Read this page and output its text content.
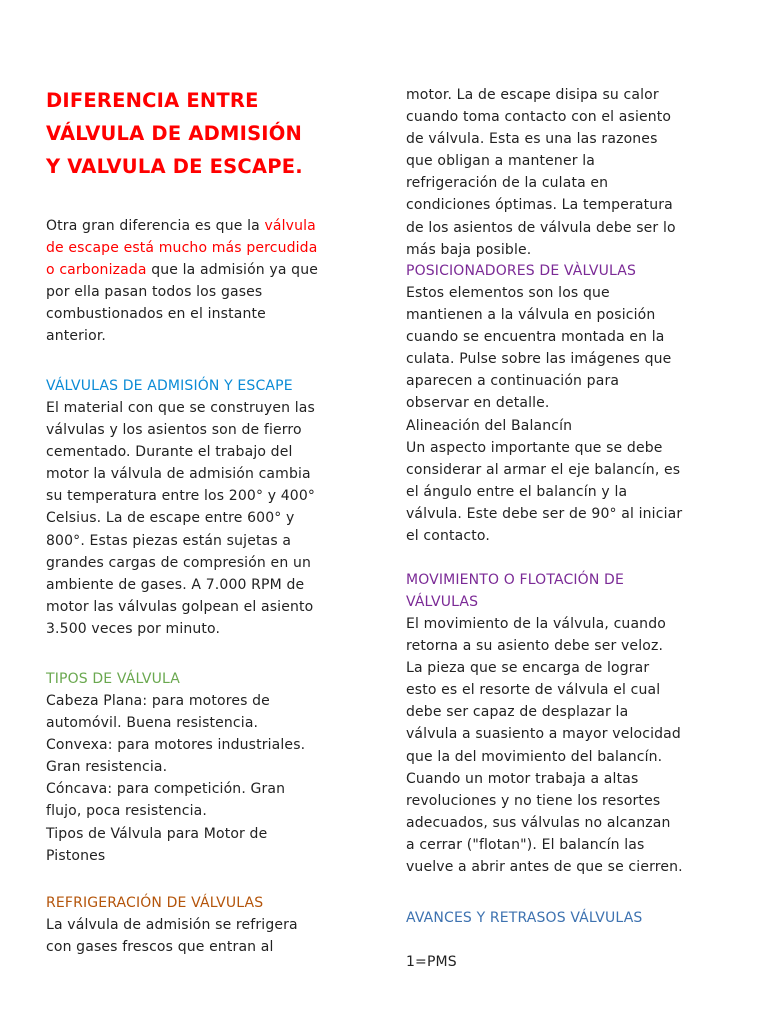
DIFERENCIA ENTRE
VÁLVULA DE ADMISIÓN
Y VALVULA DE ESCAPE.
Otra gran diferencia es que la válvula
de escape está mucho más percudida
o carbonizada que la admisión ya que
por ella pasan todos los gases
combustionados en el instante
anterior.
VÁLVULAS DE ADMISIÓN Y ESCAPE
El material con que se construyen las
válvulas y los asientos son de fierro
cementado. Durante el trabajo del
motor la válvula de admisión cambia
su temperatura entre los 200° y 400°
Celsius. La de escape entre 600° y
800°. Estas piezas están sujetas a
grandes cargas de compresión en un
ambiente de gases. A 7.000 RPM de
motor las válvulas golpean el asiento
3.500 veces por minuto.
TIPOS DE VÁLVULA
Cabeza Plana: para motores de
automóvil. Buena resistencia.
Convexa: para motores industriales.
Gran resistencia.
Cóncava: para competición. Gran
flujo, poca resistencia.
Tipos de Válvula para Motor de
Pistones
REFRIGERACIÓN DE VÁLVULAS
La válvula de admisión se refrigera
con gases frescos que entran al
motor. La de escape disipa su calor
cuando toma contacto con el asiento
de válvula. Esta es una las razones
que obligan a mantener la
refrigeración de la culata en
condiciones óptimas. La temperatura
de los asientos de válvula debe ser lo
más baja posible.
POSICIONADORES DE VÀLVULAS
Estos elementos son los que
mantienen a la válvula en posición
cuando se encuentra montada en la
culata. Pulse sobre las imágenes que
aparecen a continuación para
observar en detalle.
Alineación del Balancín
Un aspecto importante que se debe
considerar al armar el eje balancín, es
el ángulo entre el balancín y la
válvula. Este debe ser de 90° al iniciar
el contacto.
MOVIMIENTO O FLOTACIÓN DE
VÁLVULAS
El movimiento de la válvula, cuando
retorna a su asiento debe ser veloz.
La pieza que se encarga de lograr
esto es el resorte de válvula el cual
debe ser capaz de desplazar la
válvula a suasiento a mayor velocidad
que la del movimiento del balancín.
Cuando un motor trabaja a altas
revoluciones y no tiene los resortes
adecuados, sus válvulas no alcanzan
a cerrar ("flotan"). El balancín las
vuelve a abrir antes de que se cierren.
AVANCES Y RETRASOS VÁLVULAS
1=PMS
